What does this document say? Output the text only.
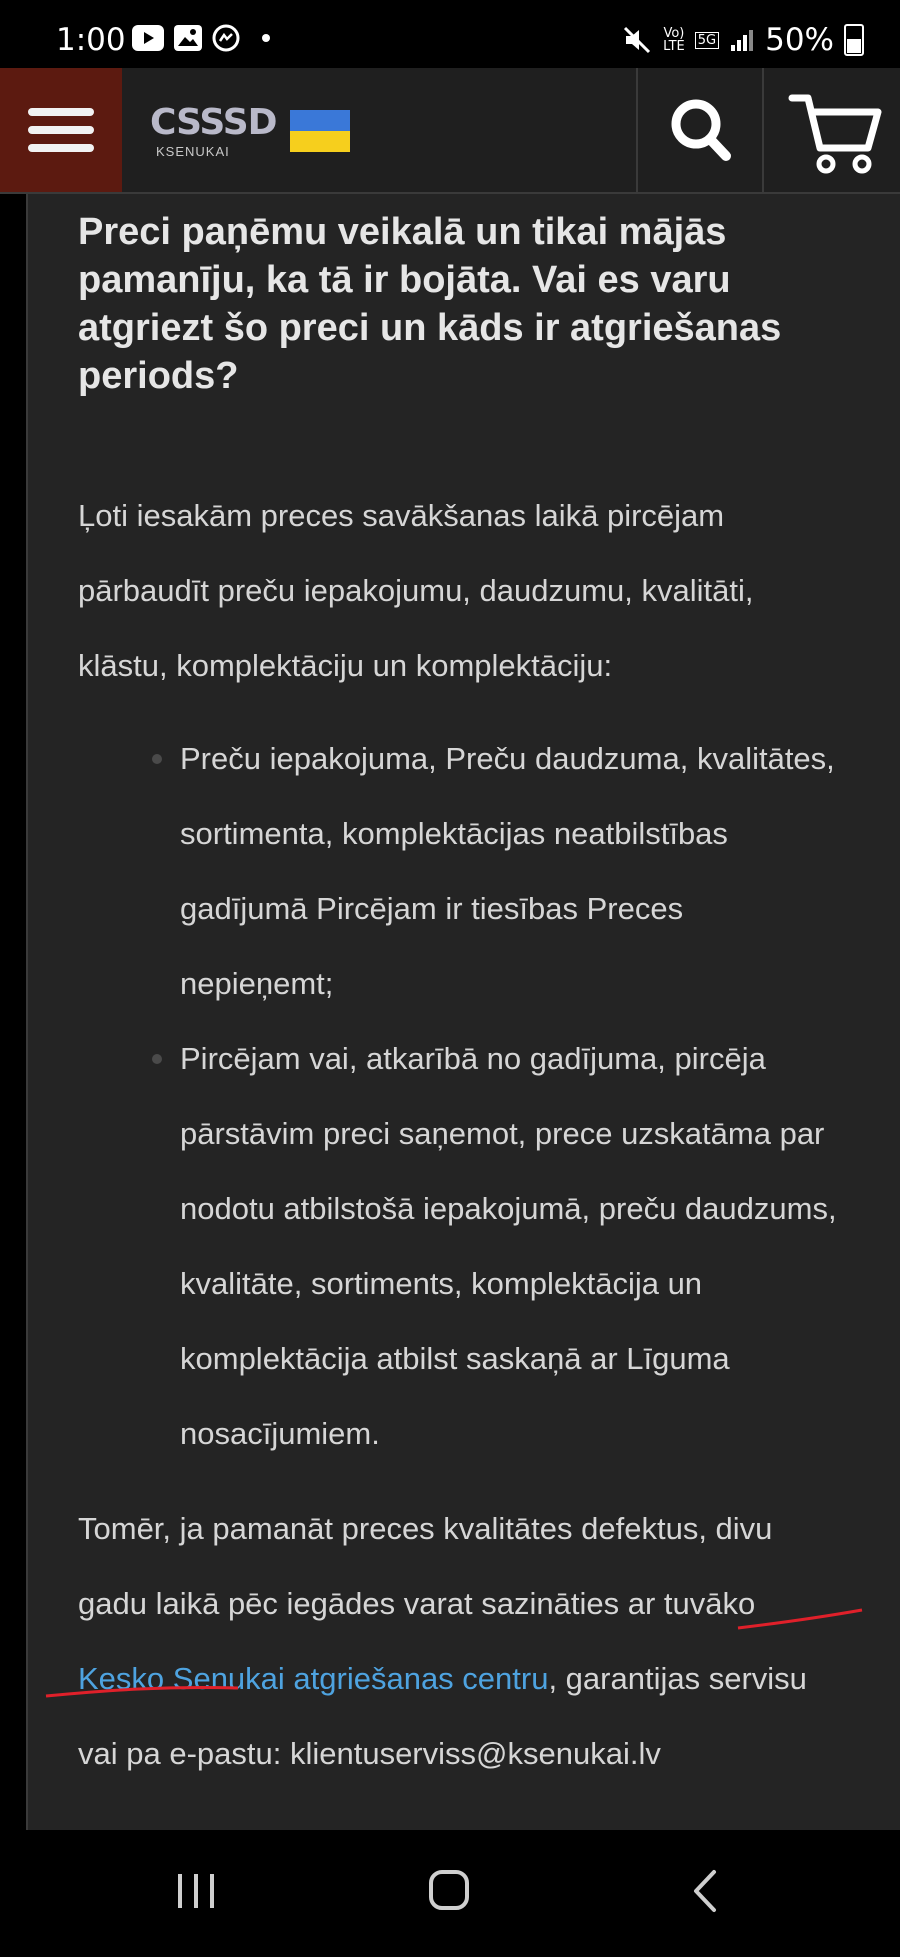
1:00	Vo)
LTE 5G 50%
CSSSD
KSENUKAI
Preci paņēmu veikalā un tikai mājās pamanīju, ka tā ir bojāta. Vai es varu atgriezt šo preci un kāds ir atgriešanas periods?

Ļoti iesakām preces savākšanas laikā pircējam pārbaudīt preču iepakojumu, daudzumu, kvalitāti, klāstu, komplektāciju un komplektāciju:

Preču iepakojuma, Preču daudzuma, kvalitātes, sortimenta, komplektācijas neatbilstības gadījumā Pircējam ir tiesības Preces nepieņemt;
Pircējam vai, atkarībā no gadījuma, pircēja pārstāvim preci saņemot, prece uzskatāma par nodotu atbilstošā iepakojumā, preču daudzums, kvalitāte, sortiments, komplektācija un komplektācija atbilst saskaņā ar Līguma nosacījumiem.

Tomēr, ja pamanāt preces kvalitātes defektus, divu gadu laikā pēc iegādes varat sazināties ar tuvāko Kesko Senukai atgriešanas centru, garantijas servisu vai pa e-pastu: klientuserviss@ksenukai.lv
